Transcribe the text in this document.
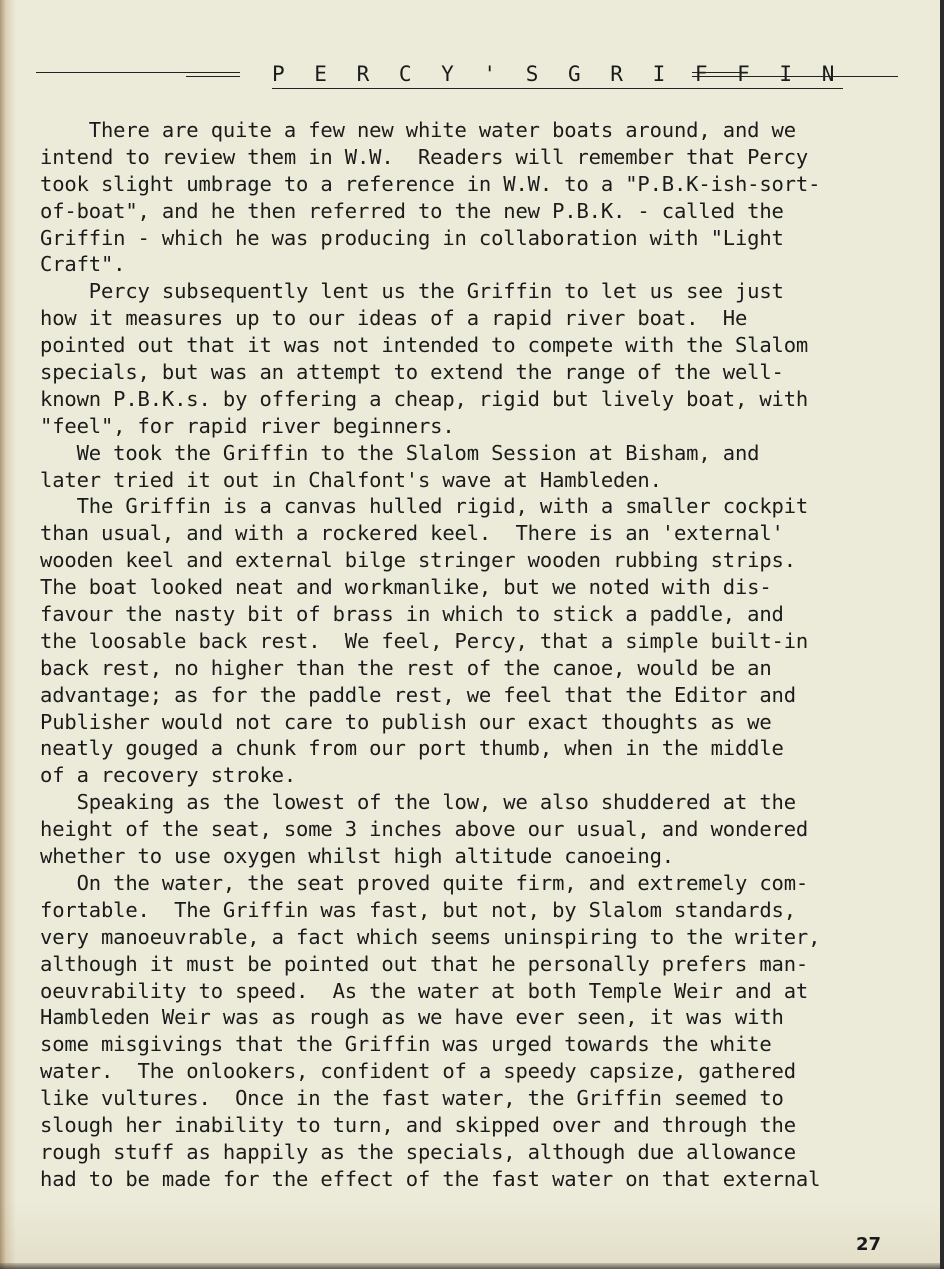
P E R C Y ' S G R I F F I N
There are quite a few new white water boats around, and we
intend to review them in W.W.  Readers will remember that Percy
took slight umbrage to a reference in W.W. to a "P.B.K-ish-sort-
of-boat", and he then referred to the new P.B.K. - called the
Griffin - which he was producing in collaboration with "Light
Craft".
Percy subsequently lent us the Griffin to let us see just
how it measures up to our ideas of a rapid river boat.  He
pointed out that it was not intended to compete with the Slalom
specials, but was an attempt to extend the range of the well-
known P.B.K.s. by offering a cheap, rigid but lively boat, with
"feel", for rapid river beginners.
We took the Griffin to the Slalom Session at Bisham, and
later tried it out in Chalfont's wave at Hambleden.
The Griffin is a canvas hulled rigid, with a smaller cockpit
than usual, and with a rockered keel.  There is an 'external'
wooden keel and external bilge stringer wooden rubbing strips.
The boat looked neat and workmanlike, but we noted with dis-
favour the nasty bit of brass in which to stick a paddle, and
the loosable back rest.  We feel, Percy, that a simple built-in
back rest, no higher than the rest of the canoe, would be an
advantage; as for the paddle rest, we feel that the Editor and
Publisher would not care to publish our exact thoughts as we
neatly gouged a chunk from our port thumb, when in the middle
of a recovery stroke.
Speaking as the lowest of the low, we also shuddered at the
height of the seat, some 3 inches above our usual, and wondered
whether to use oxygen whilst high altitude canoeing.
On the water, the seat proved quite firm, and extremely com-
fortable.  The Griffin was fast, but not, by Slalom standards,
very manoeuvrable, a fact which seems uninspiring to the writer,
although it must be pointed out that he personally prefers man-
oeuvrability to speed.  As the water at both Temple Weir and at
Hambleden Weir was as rough as we have ever seen, it was with
some misgivings that the Griffin was urged towards the white
water.  The onlookers, confident of a speedy capsize, gathered
like vultures.  Once in the fast water, the Griffin seemed to
slough her inability to turn, and skipped over and through the
rough stuff as happily as the specials, although due allowance
had to be made for the effect of the fast water on that external
27
